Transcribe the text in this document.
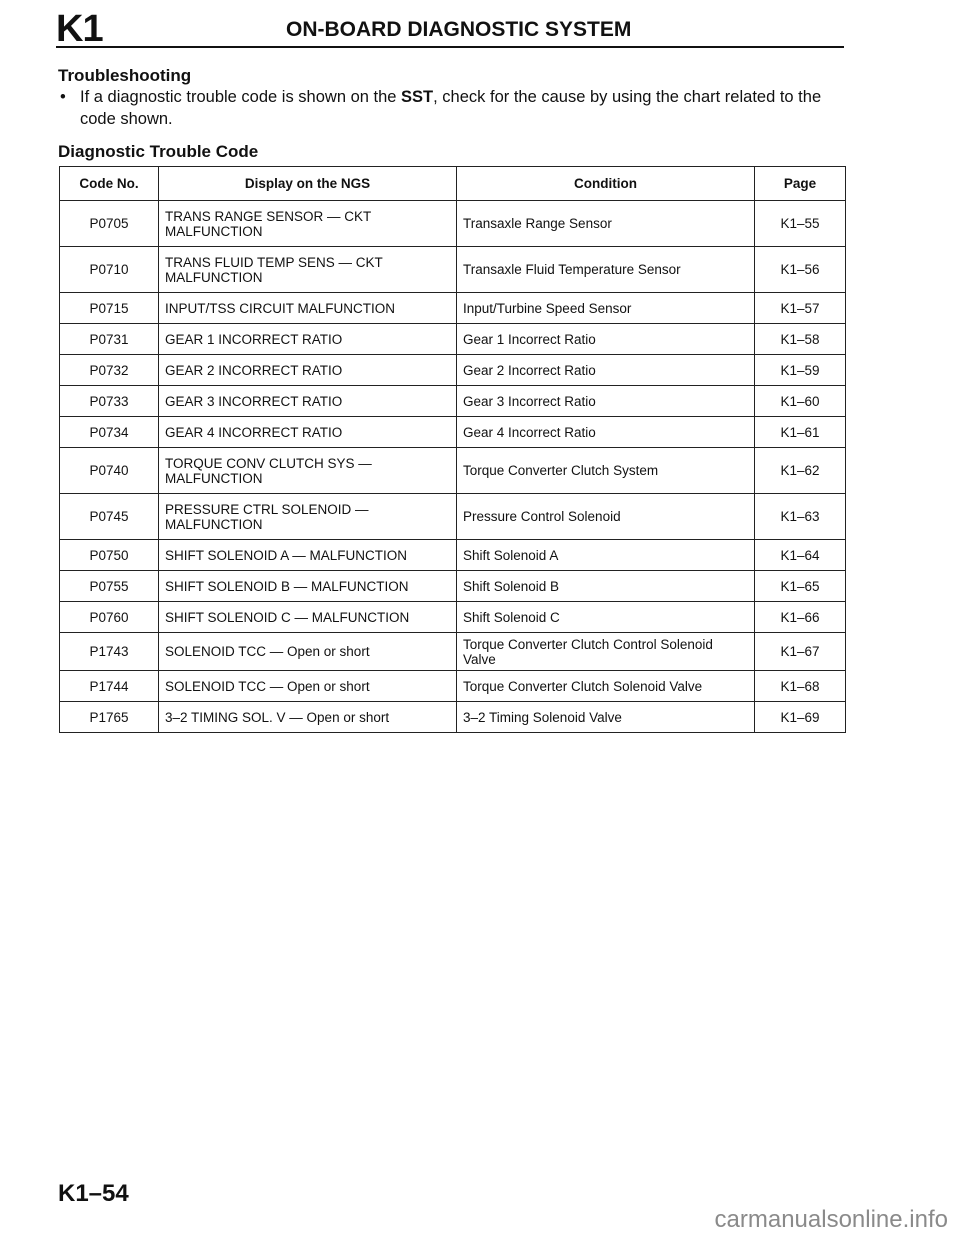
K1	ON-BOARD DIAGNOSTIC SYSTEM
Troubleshooting
• If a diagnostic trouble code is shown on the SST, check for the cause by using the chart related to the code shown.
Diagnostic Trouble Code
Code No.	Display on the NGS	Condition	Page
P0705	TRANS RANGE SENSOR — CKT MALFUNCTION	Transaxle Range Sensor	K1–55
P0710	TRANS FLUID TEMP SENS — CKT MALFUNCTION	Transaxle Fluid Temperature Sensor	K1–56
P0715	INPUT/TSS CIRCUIT MALFUNCTION	Input/Turbine Speed Sensor	K1–57
P0731	GEAR 1 INCORRECT RATIO	Gear 1 Incorrect Ratio	K1–58
P0732	GEAR 2 INCORRECT RATIO	Gear 2 Incorrect Ratio	K1–59
P0733	GEAR 3 INCORRECT RATIO	Gear 3 Incorrect Ratio	K1–60
P0734	GEAR 4 INCORRECT RATIO	Gear 4 Incorrect Ratio	K1–61
P0740	TORQUE CONV CLUTCH SYS — MALFUNCTION	Torque Converter Clutch System	K1–62
P0745	PRESSURE CTRL SOLENOID — MALFUNCTION	Pressure Control Solenoid	K1–63
P0750	SHIFT SOLENOID A — MALFUNCTION	Shift Solenoid A	K1–64
P0755	SHIFT SOLENOID B — MALFUNCTION	Shift Solenoid B	K1–65
P0760	SHIFT SOLENOID C — MALFUNCTION	Shift Solenoid C	K1–66
P1743	SOLENOID TCC — Open or short	Torque Converter Clutch Control Solenoid Valve	K1–67
P1744	SOLENOID TCC — Open or short	Torque Converter Clutch Solenoid Valve	K1–68
P1765	3–2 TIMING SOL. V — Open or short	3–2 Timing Solenoid Valve	K1–69
K1–54
carmanualsonline.info
